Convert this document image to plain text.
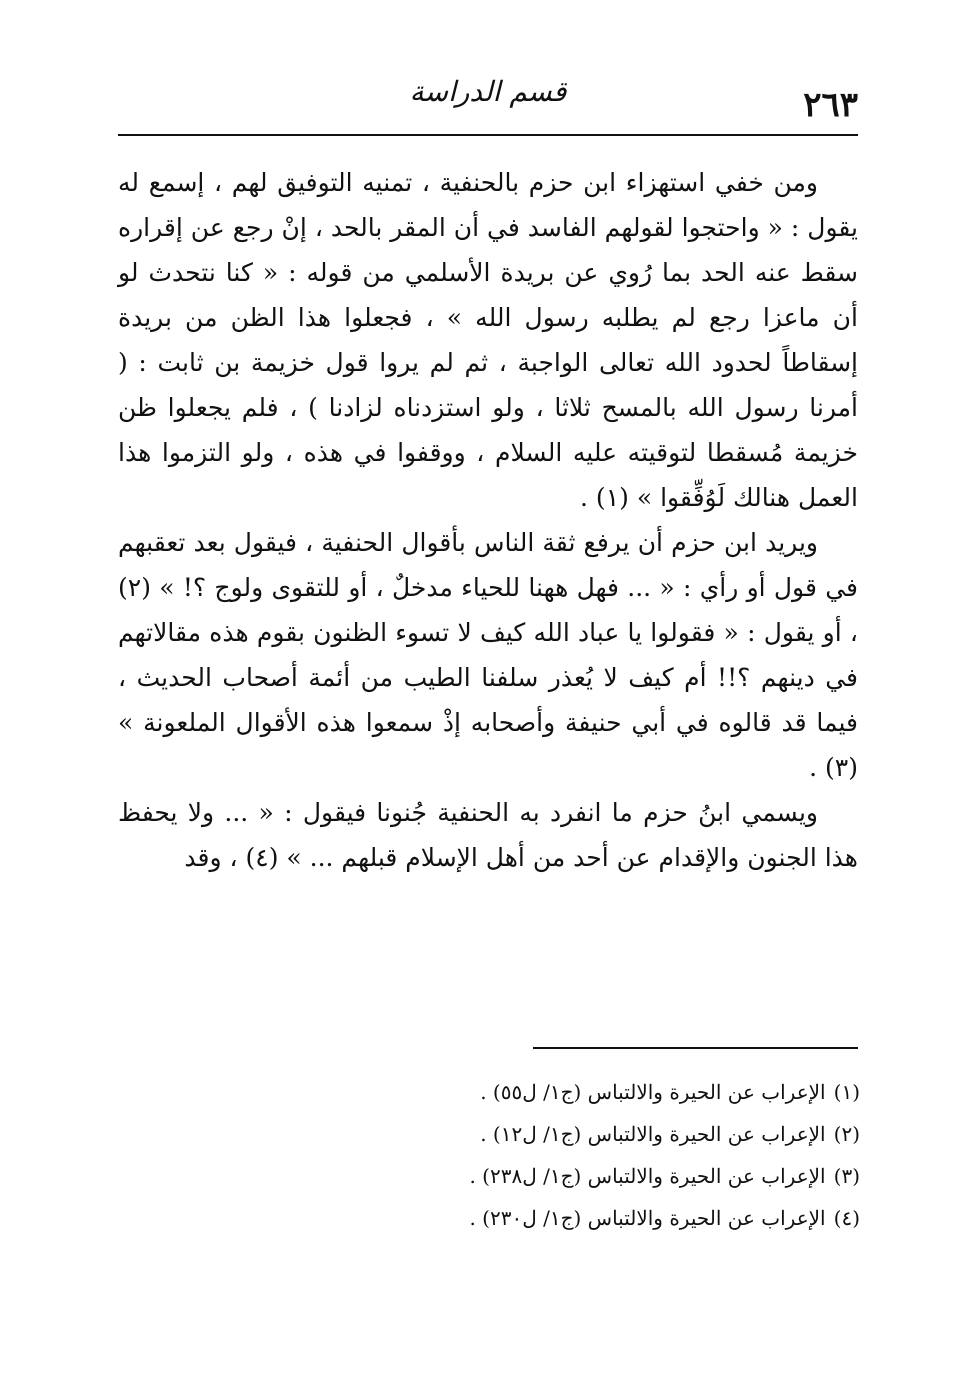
٢٦٣
قسم الدراسة

ومن خفي استهزاء ابن حزم بالحنفية ، تمنيه التوفيق لهم ، إسمع له يقول : « واحتجوا لقولهم الفاسد في أن المقر بالحد ، إنْ رجع عن إقراره سقط عنه الحد بما رُوي عن بريدة الأسلمي من قوله : « كنا نتحدث لو أن ماعزا رجع لم يطلبه رسول الله » ، فجعلوا هذا الظن من بريدة إسقاطاً لحدود الله تعالى الواجبة ، ثم لم يروا قول خزيمة بن ثابت : ( أمرنا رسول الله بالمسح ثلاثا ، ولو استزدناه لزادنا ) ، فلم يجعلوا ظن خزيمة مُسقطا لتوقيته عليه السلام ، ووقفوا في هذه ، ولو التزموا هذا العمل هنالك لَوُفِّقوا » (١) .

ويريد ابن حزم أن يرفع ثقة الناس بأقوال الحنفية ، فيقول بعد تعقبهم في قول أو رأي : « ... فهل ههنا للحياء مدخلٌ ، أو للتقوى ولوج ؟! » (٢) ، أو يقول : « فقولوا يا عباد الله كيف لا تسوء الظنون بقوم هذه مقالاتهم في دينهم ؟!! أم كيف لا يُعذر سلفنا الطيب من أئمة أصحاب الحديث ، فيما قد قالوه في أبي حنيفة وأصحابه إذْ سمعوا هذه الأقوال الملعونة » (٣) .

ويسمي ابنُ حزم ما انفرد به الحنفية جُنونا فيقول : « ... ولا يحفظ هذا الجنون والإقدام عن أحد من أهل الإسلام قبلهم ... » (٤) ، وقد

(١)الإعراب عن الحيرة والالتباس (ج١/ ل٥٥) .

(٢)الإعراب عن الحيرة والالتباس (ج١/ ل١٢) .

(٣)الإعراب عن الحيرة والالتباس (ج١/ ل٢٣٨) .

(٤)الإعراب عن الحيرة والالتباس (ج١/ ل٢٣٠) .
